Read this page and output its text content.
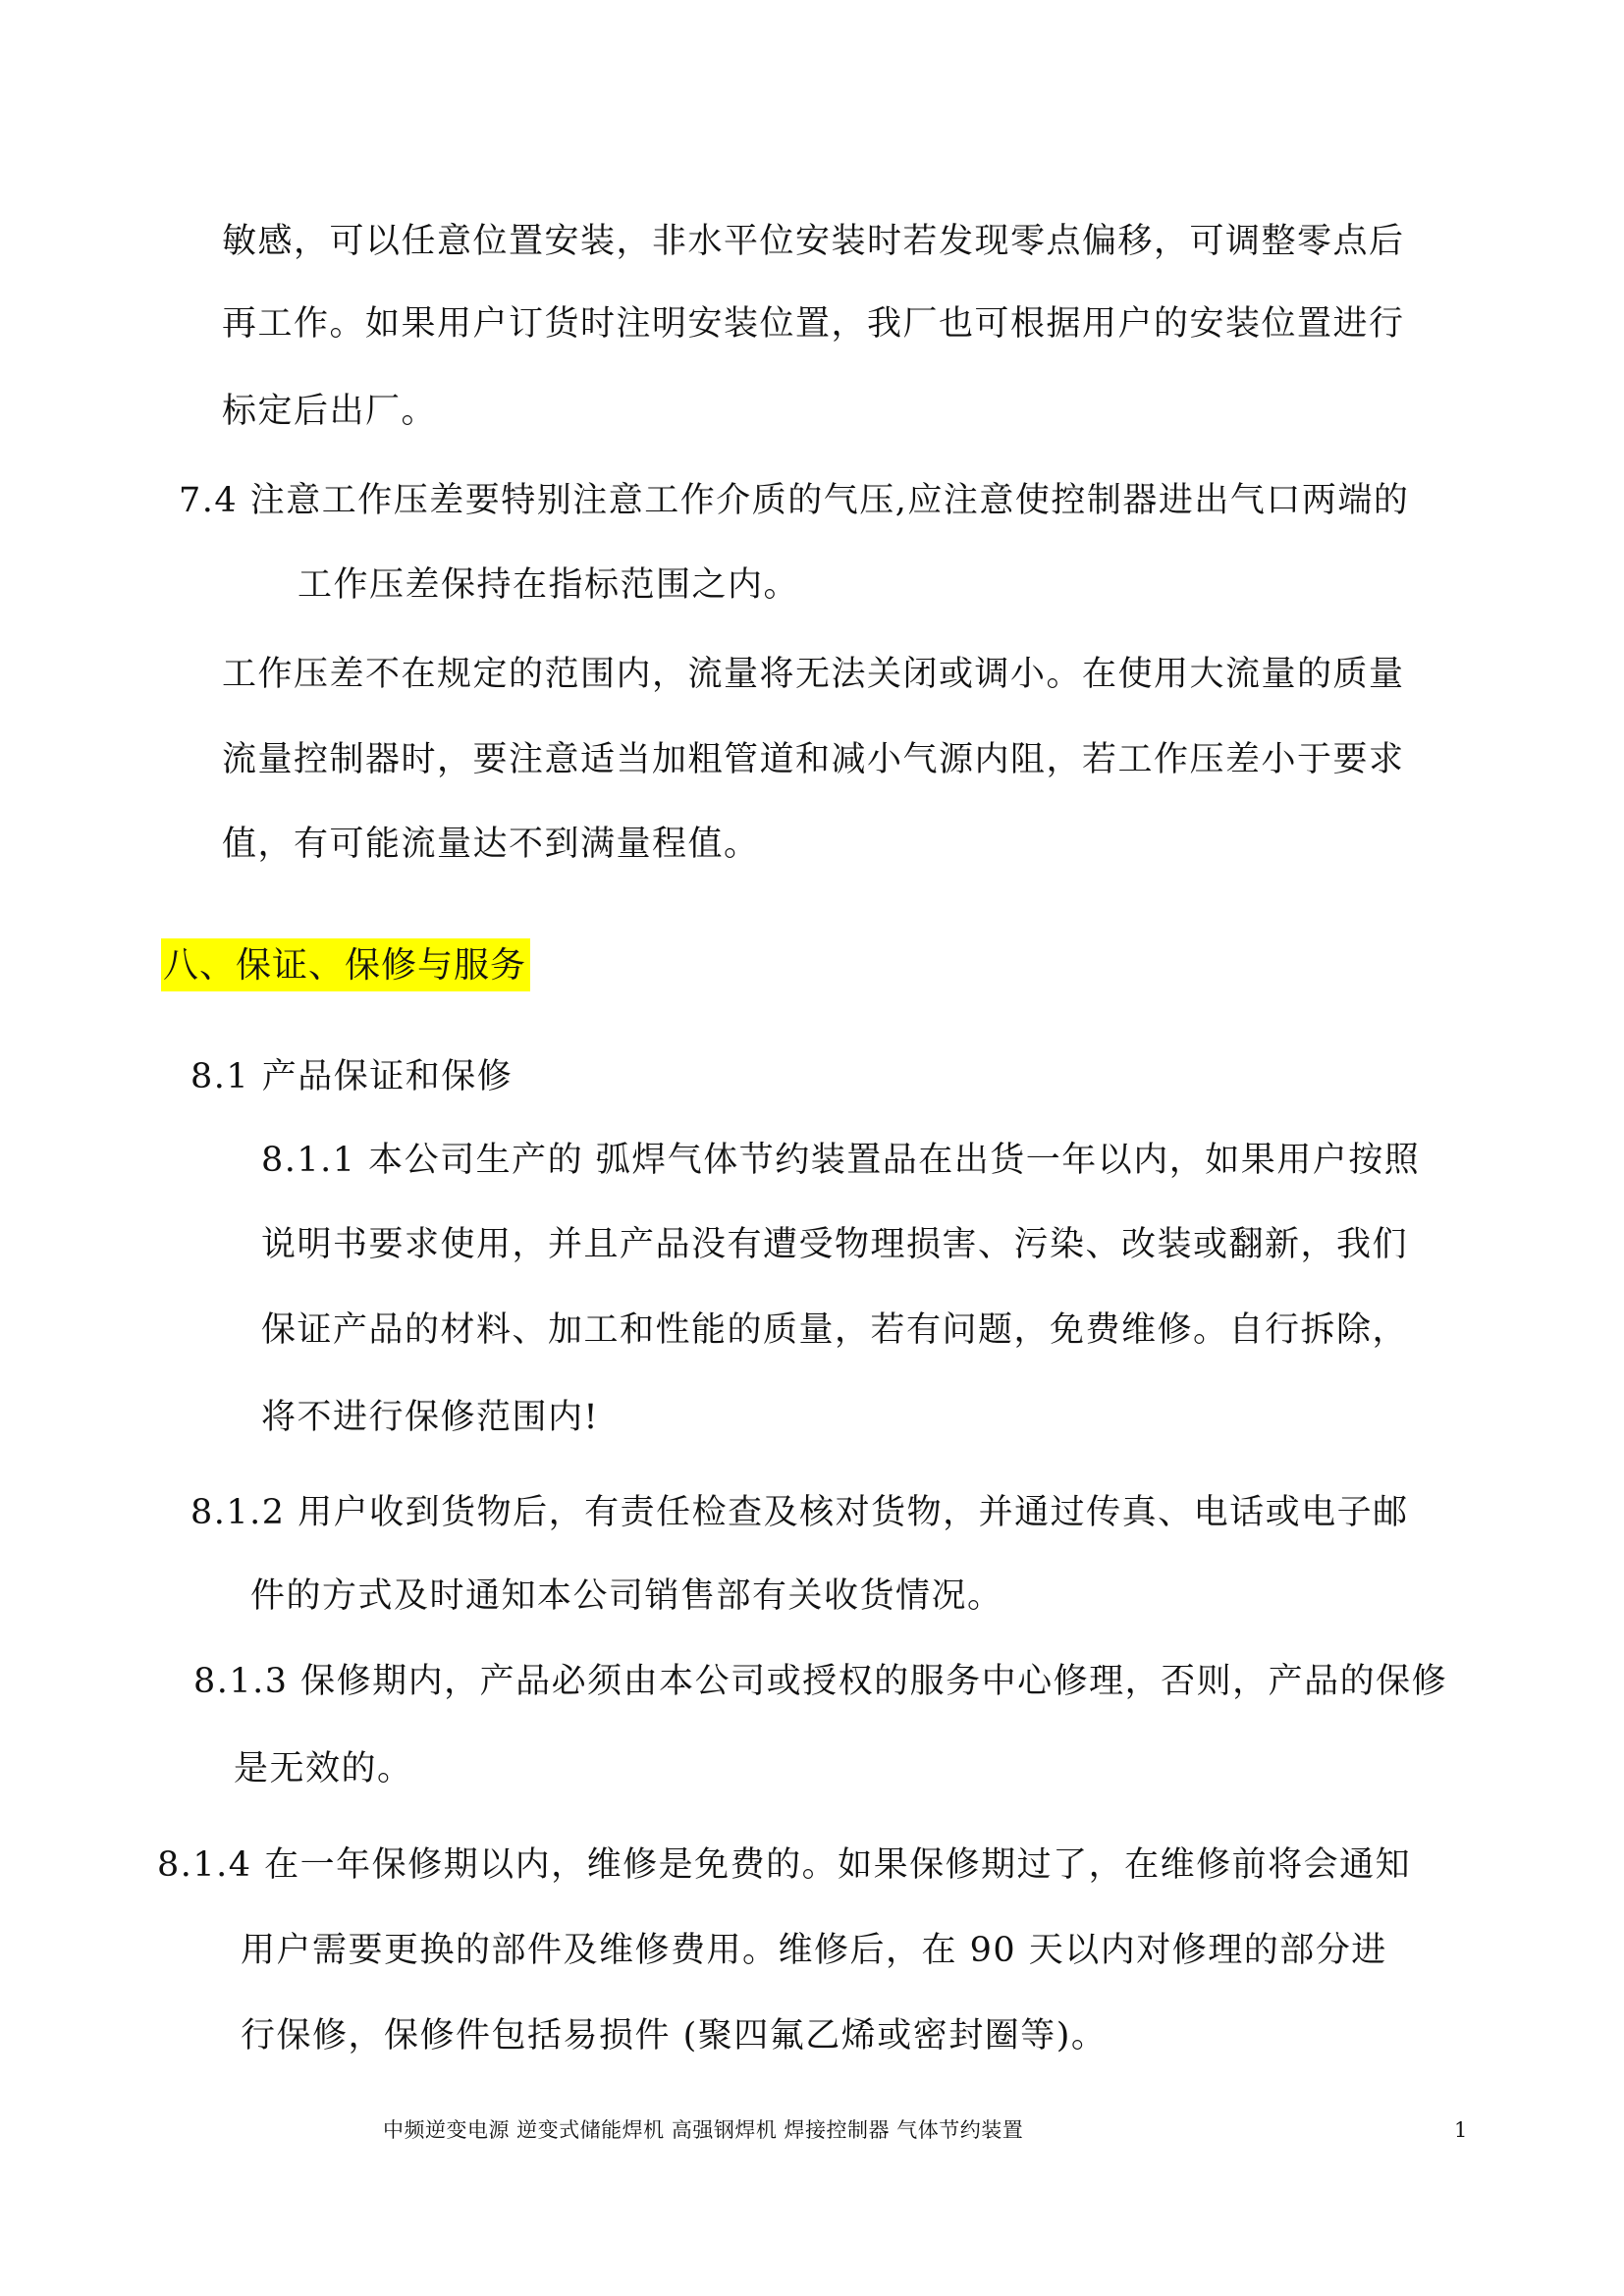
敏感，可以任意位置安装，非水平位安装时若发现零点偏移，可调整零点后
再工作。如果用户订货时注明安装位置，我厂也可根据用户的安装位置进行
标定后出厂。
7.4 注意工作压差要特别注意工作介质的气压,应注意使控制器进出气口两端的
工作压差保持在指标范围之内。
工作压差不在规定的范围内，流量将无法关闭或调小。在使用大流量的质量
流量控制器时，要注意适当加粗管道和减小气源内阻，若工作压差小于要求
值，有可能流量达不到满量程值。
八、保证、保修与服务
8.1 产品保证和保修
8.1.1 本公司生产的 弧焊气体节约装置品在出货一年以内，如果用户按照
说明书要求使用，并且产品没有遭受物理损害、污染、改装或翻新，我们
保证产品的材料、加工和性能的质量，若有问题，免费维修。自行拆除，
将不进行保修范围内!
8.1.2 用户收到货物后，有责任检查及核对货物，并通过传真、电话或电子邮
件的方式及时通知本公司销售部有关收货情况。
8.1.3 保修期内，产品必须由本公司或授权的服务中心修理，否则，产品的保修
是无效的。
8.1.4 在一年保修期以内，维修是免费的。如果保修期过了，在维修前将会通知
用户需要更换的部件及维修费用。维修后，在 90 天以内对修理的部分进
行保修，保修件包括易损件 (聚四氟乙烯或密封圈等)。
中频逆变电源 逆变式储能焊机 高强钢焊机 焊接控制器 气体节约装置	1
